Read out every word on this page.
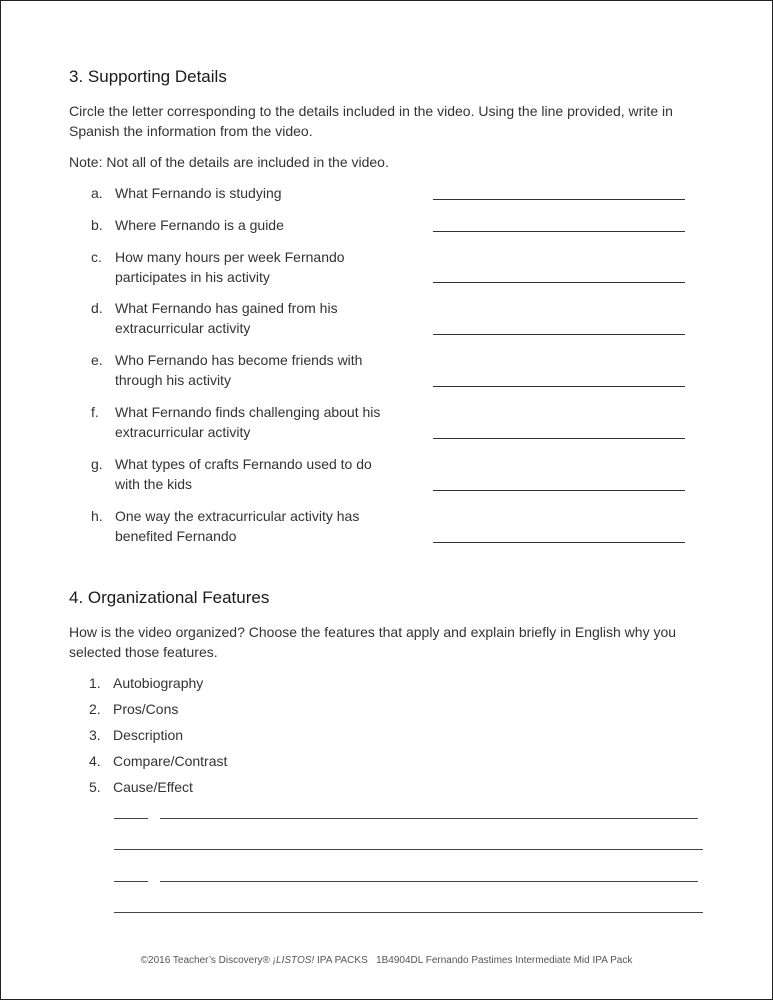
3. Supporting Details
Circle the letter corresponding to the details included in the video. Using the line provided, write in Spanish the information from the video.
Note: Not all of the details are included in the video.
a. What Fernando is studying
b. Where Fernando is a guide
c. How many hours per week Fernando participates in his activity
d. What Fernando has gained from his extracurricular activity
e. Who Fernando has become friends with through his activity
f.	What Fernando finds challenging about his extracurricular activity
g. What types of crafts Fernando used to do with the kids
h. One way the extracurricular activity has benefited Fernando
4. Organizational Features
How is the video organized? Choose the features that apply and explain briefly in English why you selected those features.
1. Autobiography
2. Pros/Cons
3. Description
4. Compare/Contrast
5. Cause/Effect
©2016 Teacher’s Discovery® ¡LISTOS! IPA PACKS   1B4904DL Fernando Pastimes Intermediate Mid IPA Pack
